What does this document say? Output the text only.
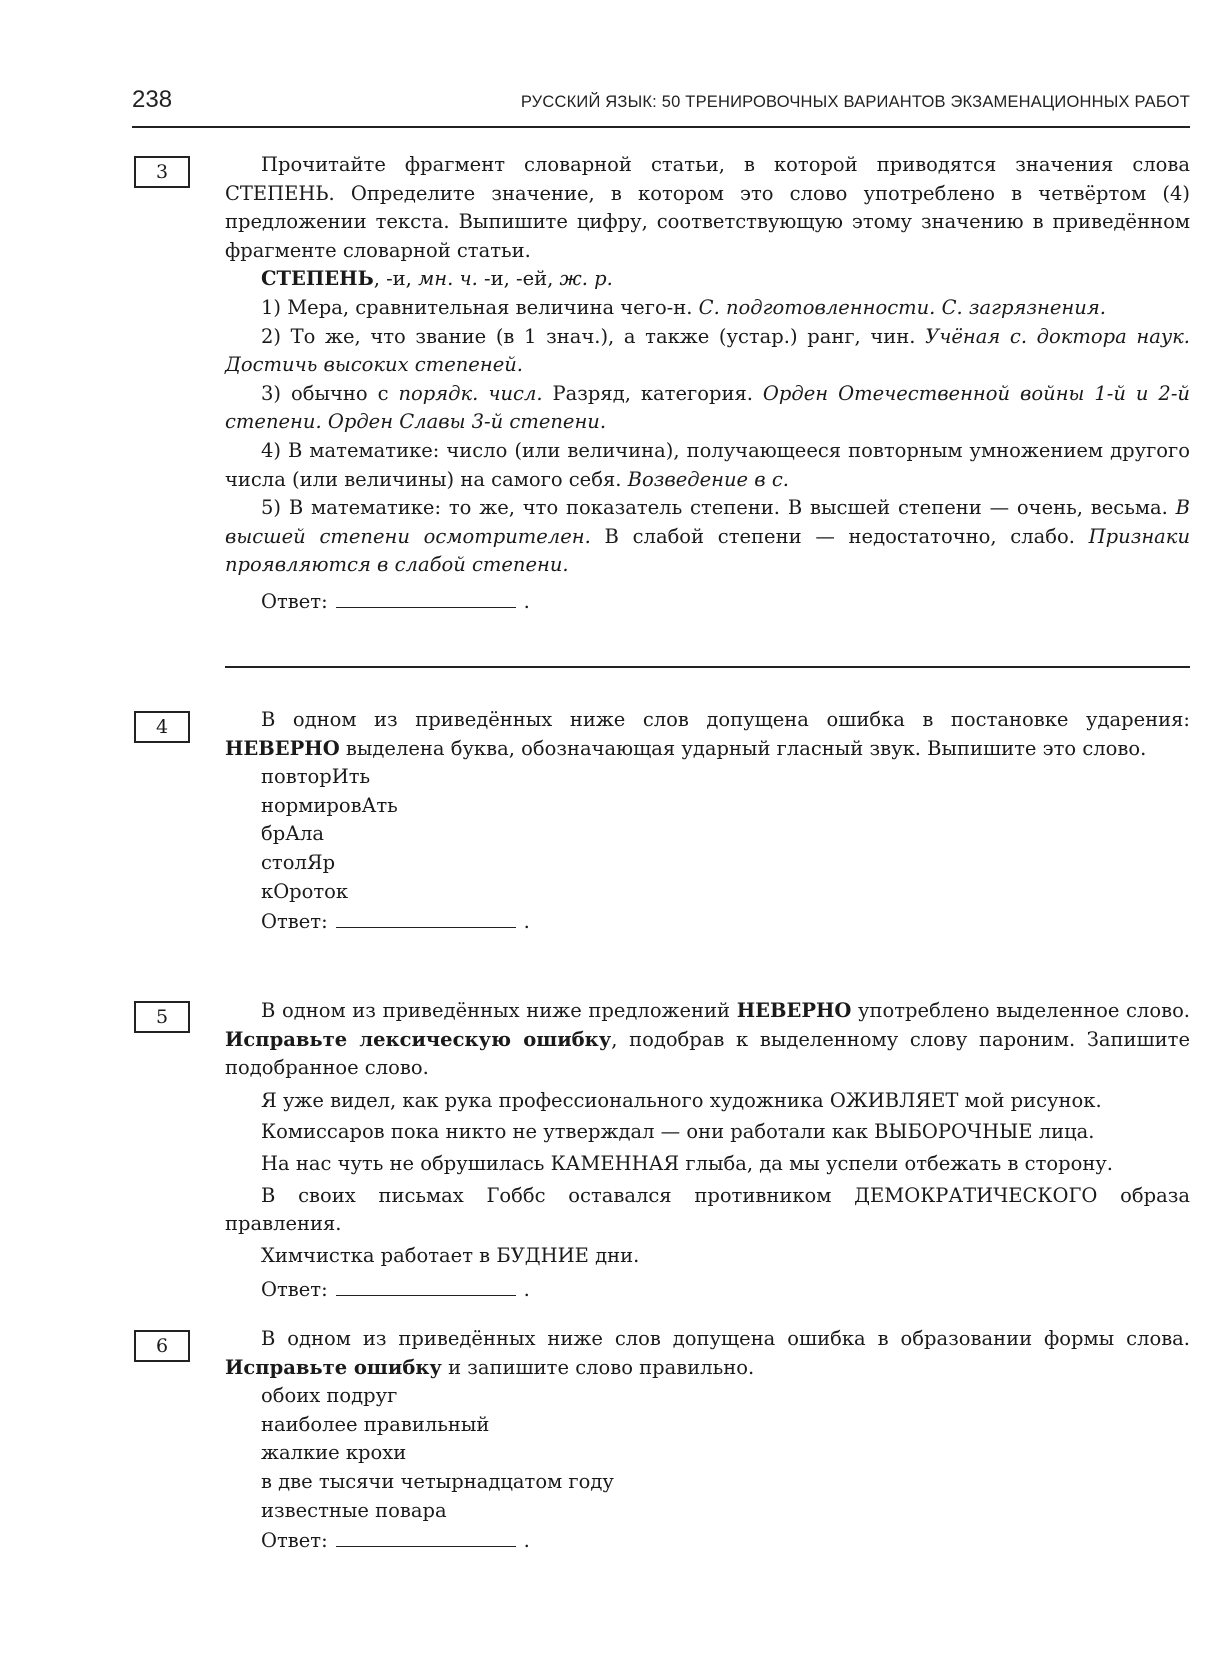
238	РУССКИЙ ЯЗЫК: 50 ТРЕНИРОВОЧНЫХ ВАРИАНТОВ ЭКЗАМЕНАЦИОННЫХ РАБОТ
3	Прочитайте фрагмент словарной статьи, в которой приводятся значения слова СТЕПЕНЬ. Определите значение, в котором это слово употреблено в четвёртом (4) предложении текста. Выпишите цифру, соответствующую этому значению в приведённом фрагменте словарной статьи.

СТЕПЕНЬ, -и, мн. ч. -и, -ей, ж. р.

1) Мера, сравнительная величина чего-н. С. подготовленности. С. загрязнения.

2) То же, что звание (в 1 знач.), а также (устар.) ранг, чин. Учёная с. доктора наук. Достичь высоких степеней.

3) обычно с порядк. числ. Разряд, категория. Орден Отечественной войны 1-й и 2-й степени. Орден Славы 3-й степени.

4) В математике: число (или величина), получающееся повторным умножением другого числа (или величины) на самого себя. Возведение в с.

5) В математике: то же, что показатель степени. В высшей степени — очень, весьма. В высшей степени осмотрителен. В слабой степени — недостаточно, слабо. Признаки проявляются в слабой степени.

Ответ:	.

4	В одном из приведённых ниже слов допущена ошибка в постановке ударения: НЕВЕРНО выделена буква, обозначающая ударный гласный звук. Выпишите это слово.

повторИть

нормировАть

брАла

столЯр

кОроток

Ответ:	.

5	В одном из приведённых ниже предложений НЕВЕРНО употреблено выделенное слово. Исправьте лексическую ошибку, подобрав к выделенному слову пароним. Запишите подобранное слово.

Я уже видел, как рука профессионального художника ОЖИВЛЯЕТ мой рисунок.

Комиссаров пока никто не утверждал — они работали как ВЫБОРОЧНЫЕ лица.

На нас чуть не обрушилась КАМЕННАЯ глыба, да мы успели отбежать в сторону.

В своих письмах Гоббс оставался противником ДЕМОКРАТИЧЕСКОГО образа правления.

Химчистка работает в БУДНИЕ дни.

Ответ:	.

6	В одном из приведённых ниже слов допущена ошибка в образовании формы слова. Исправьте ошибку и запишите слово правильно.

обоих подруг

наиболее правильный

жалкие крохи

в две тысячи четырнадцатом году

известные повара

Ответ:	.
